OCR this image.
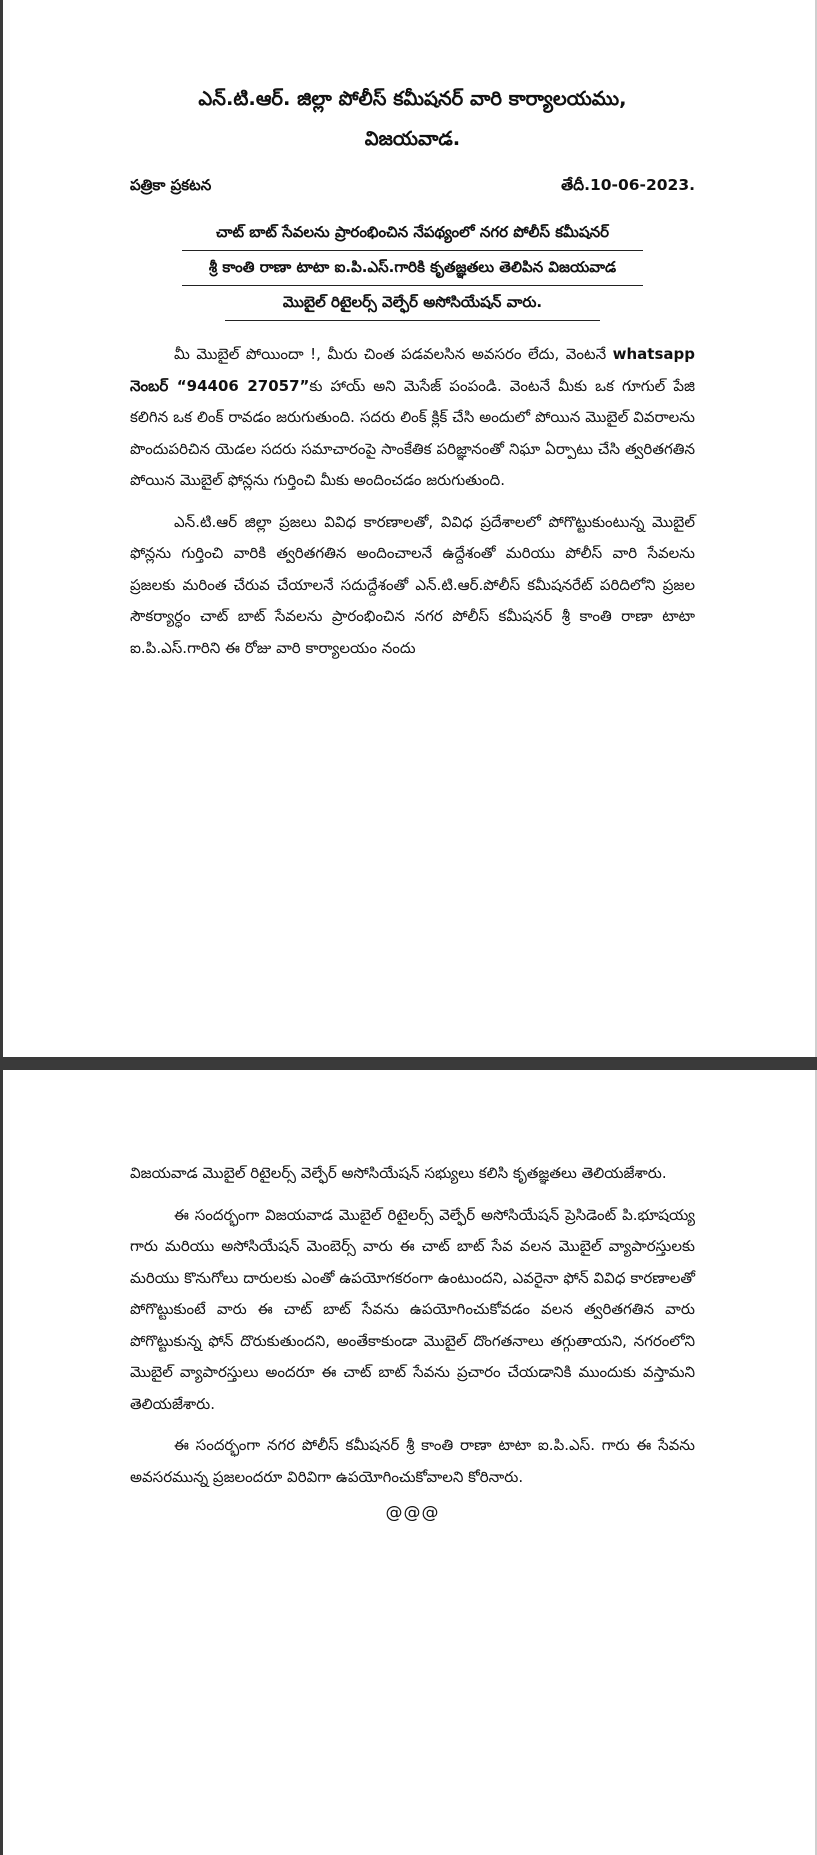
ఎన్.టి.ఆర్. జిల్లా పోలీస్ కమీషనర్ వారి కార్యాలయము,
విజయవాడ.
పత్రికా ప్రకటన	తేదీ.10-06-2023.
చాట్ బాట్ సేవలను ప్రారంభించిన నేపథ్యంలో నగర పోలీస్ కమీషనర్
శ్రీ కాంతి రాణా టాటా ఐ.పి.ఎస్.గారికి కృతజ్ఞతలు తెలిపిన విజయవాడ
మొబైల్ రిటైలర్స్ వెల్ఫేర్ అసోసియేషన్ వారు.

మీ మొబైల్ పోయిందా !, మీరు చింత పడవలసిన అవసరం లేదు, వెంటనే whatsapp నెంబర్ “94406 27057”కు హాయ్ అని మెసేజ్ పంపండి. వెంటనే మీకు ఒక గూగుల్ పేజి కలిగిన ఒక లింక్ రావడం జరుగుతుంది. సదరు లింక్ క్లిక్ చేసి అందులో పోయిన మొబైల్ వివరాలను పొందుపరిచిన యెడల సదరు సమాచారంపై సాంకేతిక పరిజ్ఞానంతో నిఘా ఏర్పాటు చేసి త్వరితగతిన పోయిన మొబైల్ ఫోన్లను గుర్తించి మీకు అందించడం జరుగుతుంది.

ఎన్.టి.ఆర్ జిల్లా ప్రజలు వివిధ కారణాలతో, వివిధ ప్రదేశాలలో పోగొట్టుకుంటున్న మొబైల్ ఫోన్లను గుర్తించి వారికి త్వరితగతిన అందించాలనే ఉద్దేశంతో మరియు పోలీస్ వారి సేవలను ప్రజలకు మరింత చేరువ చేయాలనే సదుద్దేశంతో ఎన్.టి.ఆర్.పోలీస్ కమీషనరేట్ పరిదిలోని ప్రజల సౌకర్యార్ధం చాట్ బాట్ సేవలను ప్రారంభించిన నగర పోలీస్ కమీషనర్ శ్రీ కాంతి రాణా టాటా ఐ.పి.ఎస్.గారిని ఈ రోజు వారి కార్యాలయం నందు

విజయవాడ మొబైల్ రిటైలర్స్ వెల్ఫేర్ అసోసియేషన్ సభ్యులు కలిసి కృతజ్ఞతలు తెలియజేశారు.

ఈ సందర్భంగా విజయవాడ మొబైల్ రిటైలర్స్ వెల్ఫేర్ అసోసియేషన్ ప్రెసిడెంట్ పి.భూషయ్య గారు మరియు అసోసియేషన్ మెంబెర్స్ వారు ఈ చాట్ బాట్ సేవ వలన మొబైల్ వ్యాపారస్తులకు మరియు కొనుగోలు దారులకు ఎంతో ఉపయోగకరంగా ఉంటుందని, ఎవరైనా ఫోన్ వివిధ కారణాలతో పోగొట్టుకుంటే వారు ఈ చాట్ బాట్ సేవను ఉపయోగించుకోవడం వలన త్వరితగతిన వారు పోగొట్టుకున్న ఫోన్ దొరుకుతుందని, అంతేకాకుండా మొబైల్ దొంగతనాలు తగ్గుతాయని, నగరంలోని మొబైల్ వ్యాపారస్తులు అందరూ ఈ చాట్ బాట్ సేవను ప్రచారం చేయడానికి ముందుకు వస్తామని తెలియజేశారు.

ఈ సందర్భంగా నగర పోలీస్ కమీషనర్ శ్రీ కాంతి రాణా టాటా ఐ.పి.ఎస్. గారు ఈ సేవను అవసరమున్న ప్రజలందరూ విరివిగా ఉపయోగించుకోవాలని కోరినారు.

@@@
